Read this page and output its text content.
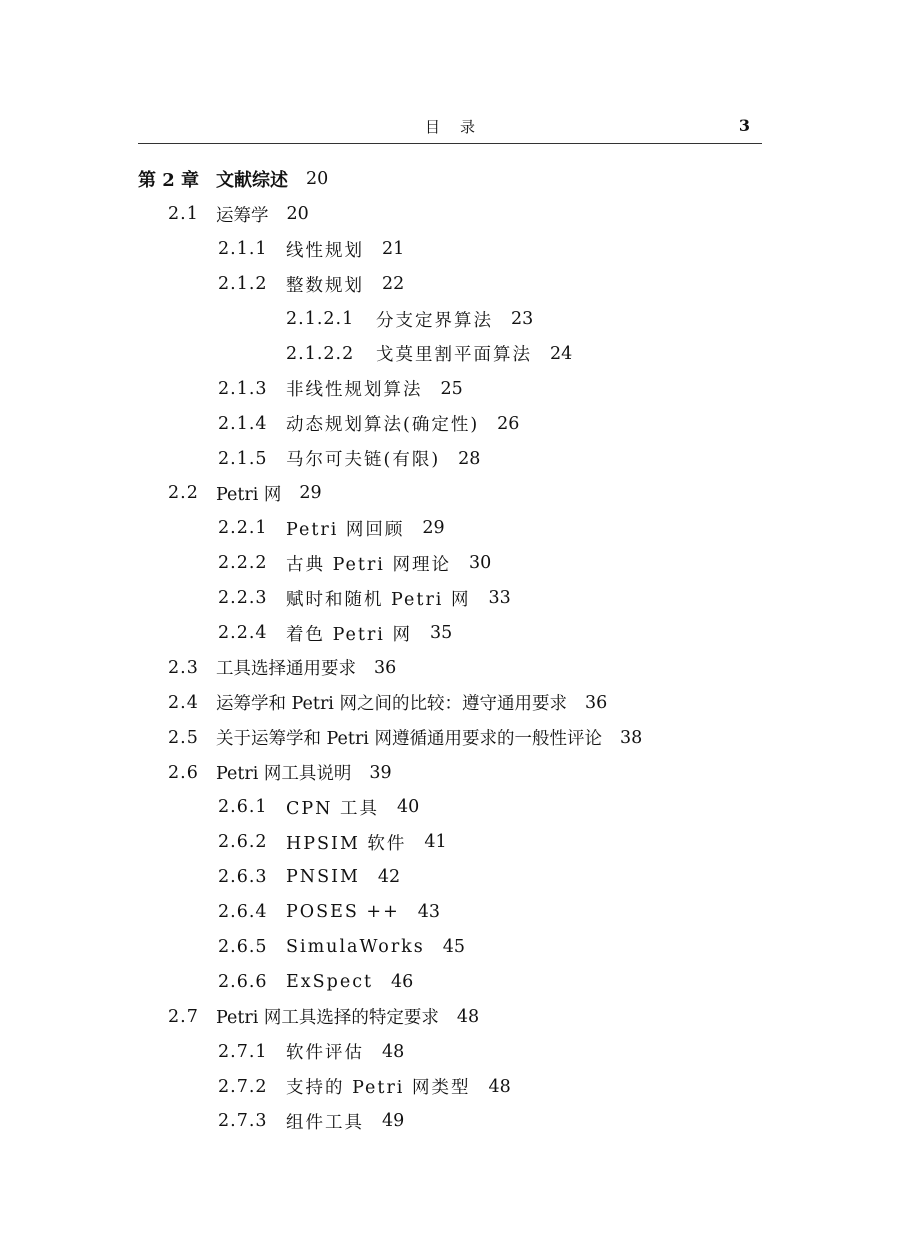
目录	3
第 2 章 文献综述 20
2.1 运筹学 20
2.1.1	线性规划 21
2.1.2	整数规划 22
2.1.2.1	分支定界算法 23
2.1.2.2	戈莫里割平面算法 24
2.1.3	非线性规划算法 25
2.1.4	动态规划算法(确定性) 26
2.1.5	马尔可夫链(有限) 28
2.2 Petri 网 29
2.2.1	Petri 网回顾 29
2.2.2	古典 Petri 网理论 30
2.2.3	赋时和随机 Petri 网 33
2.2.4	着色 Petri 网 35
2.3 工具选择通用要求 36
2.4 运筹学和 Petri 网之间的比较：遵守通用要求 36
2.5 关于运筹学和 Petri 网遵循通用要求的一般性评论 38
2.6 Petri 网工具说明 39
2.6.1	CPN 工具 40
2.6.2	HPSIM 软件 41
2.6.3	PNSIM 42
2.6.4	POSES ++ 43
2.6.5	SimulaWorks 45
2.6.6	ExSpect 46
2.7 Petri 网工具选择的特定要求 48
2.7.1	软件评估 48
2.7.2	支持的 Petri 网类型 48
2.7.3	组件工具 49
